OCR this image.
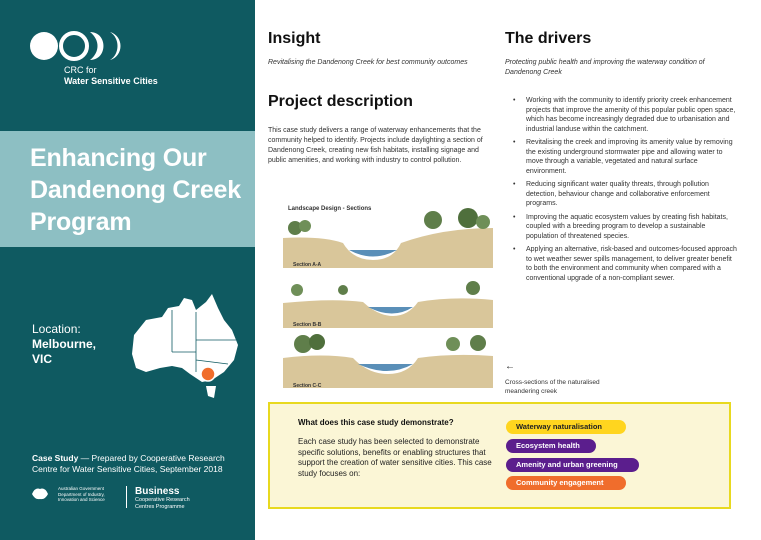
CRC for
Water Sensitive Cities
Enhancing Our Dandenong Creek Program
Location:
Melbourne,
VIC
Case Study — Prepared by Cooperative Research Centre for Water Sensitive Cities, September 2018
Australian Government
Department of Industry,
Innovation and Science
Business
Cooperative Research
Centres Programme
Insight

Revitalising the Dandenong Creek for best community outcomes

Project description

This case study delivers a range of waterway enhancements that the community helped to identify. Projects include daylighting a section of Dandenong Creek, creating new fish habitats, installing signage and public amenities, and working with industry to control pollution.

Landscape Design - Sections
Section A-A
Section B-B
Section C-C
The drivers

Protecting public health and improving the waterway condition of Dandenong Creek

• Working with the community to identify priority creek enhancement projects that improve the amenity of this popular public open space, which has become increasingly degraded due to urbanisation and industrial landuse within the catchment.
• Revitalising the creek and improving its amenity value by removing the existing underground stormwater pipe and allowing water to move through a variable, vegetated and natural surface environment.
• Reducing significant water quality threats, through pollution detection, behaviour change and collaborative enforcement programs.
• Improving the aquatic ecosystem values by creating fish habitats, coupled with a breeding program to develop a sustainable population of threatened species.
• Applying an alternative, risk-based and outcomes-focused approach to wet weather sewer spills management, to deliver greater benefit to both the environment and community when compared with a conventional upgrade of a non-compliant sewer.
←
Cross-sections of the naturalised meandering creek
What does this case study demonstrate?

Each case study has been selected to demonstrate specific solutions, benefits or enabling structures that support the creation of water sensitive cities. This case study focuses on:

Waterway naturalisation
Ecosystem health
Amenity and urban greening
Community engagement
